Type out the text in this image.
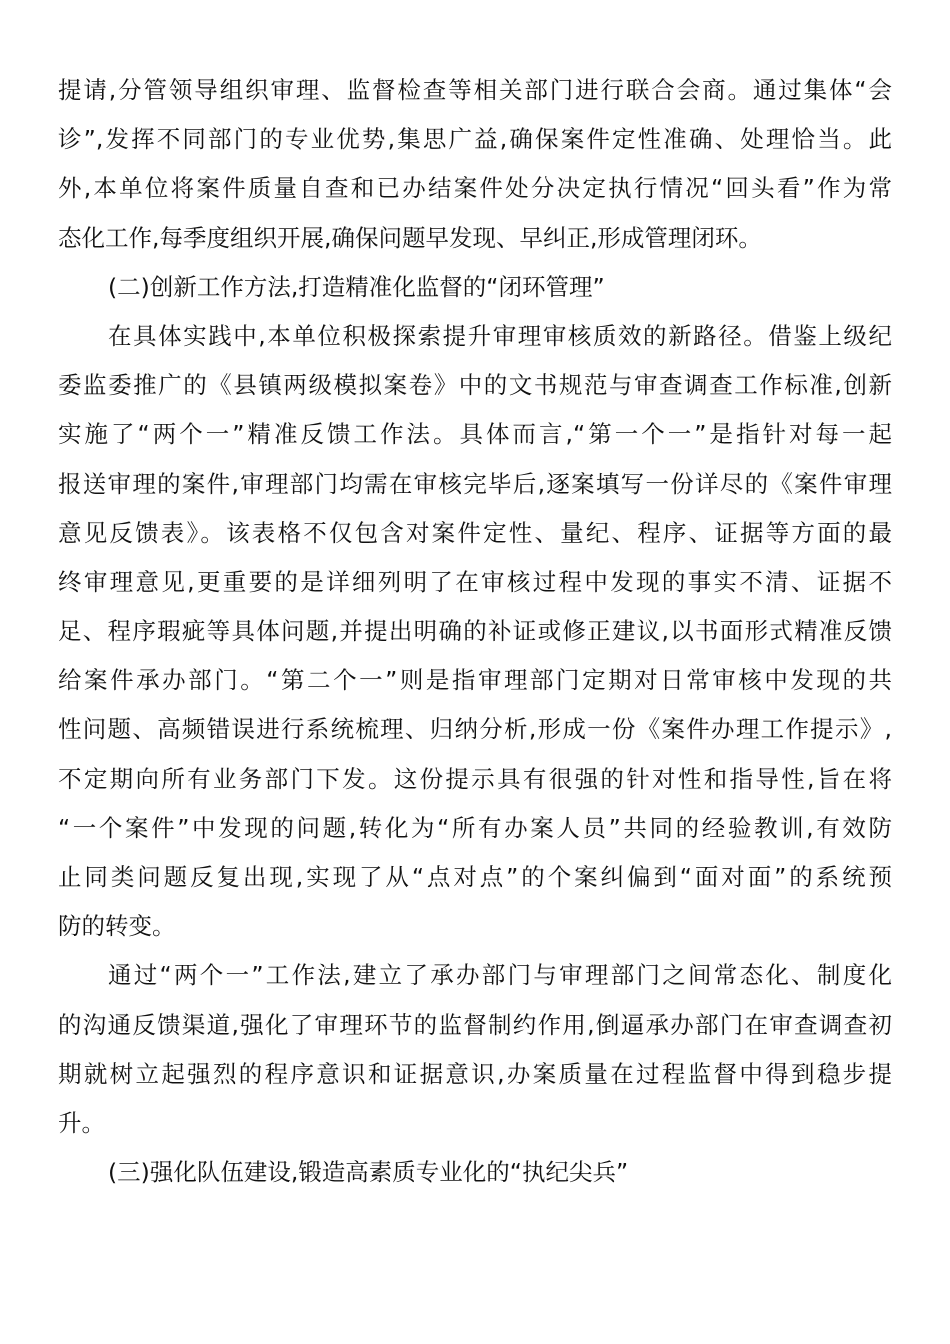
提请,分管领导组织审理、监督检查等相关部门进行联合会商。通过集体“会
诊”,发挥不同部门的专业优势,集思广益,确保案件定性准确、处理恰当。此
外,本单位将案件质量自查和已办结案件处分决定执行情况“回头看”作为常
态化工作,每季度组织开展,确保问题早发现、早纠正,形成管理闭环。
(二)创新工作方法,打造精准化监督的“闭环管理”
在具体实践中,本单位积极探索提升审理审核质效的新路径。借鉴上级纪
委监委推广的《县镇两级模拟案卷》中的文书规范与审查调查工作标准,创新
实施了“两个一”精准反馈工作法。具体而言,“第一个一”是指针对每一起
报送审理的案件,审理部门均需在审核完毕后,逐案填写一份详尽的《案件审理
意见反馈表》。该表格不仅包含对案件定性、量纪、程序、证据等方面的最
终审理意见,更重要的是详细列明了在审核过程中发现的事实不清、证据不
足、程序瑕疵等具体问题,并提出明确的补证或修正建议,以书面形式精准反馈
给案件承办部门。“第二个一”则是指审理部门定期对日常审核中发现的共
性问题、高频错误进行系统梳理、归纳分析,形成一份《案件办理工作提示》,
不定期向所有业务部门下发。这份提示具有很强的针对性和指导性,旨在将
“一个案件”中发现的问题,转化为“所有办案人员”共同的经验教训,有效防
止同类问题反复出现,实现了从“点对点”的个案纠偏到“面对面”的系统预
防的转变。
通过“两个一”工作法,建立了承办部门与审理部门之间常态化、制度化
的沟通反馈渠道,强化了审理环节的监督制约作用,倒逼承办部门在审查调查初
期就树立起强烈的程序意识和证据意识,办案质量在过程监督中得到稳步提
升。
(三)强化队伍建设,锻造高素质专业化的“执纪尖兵”
